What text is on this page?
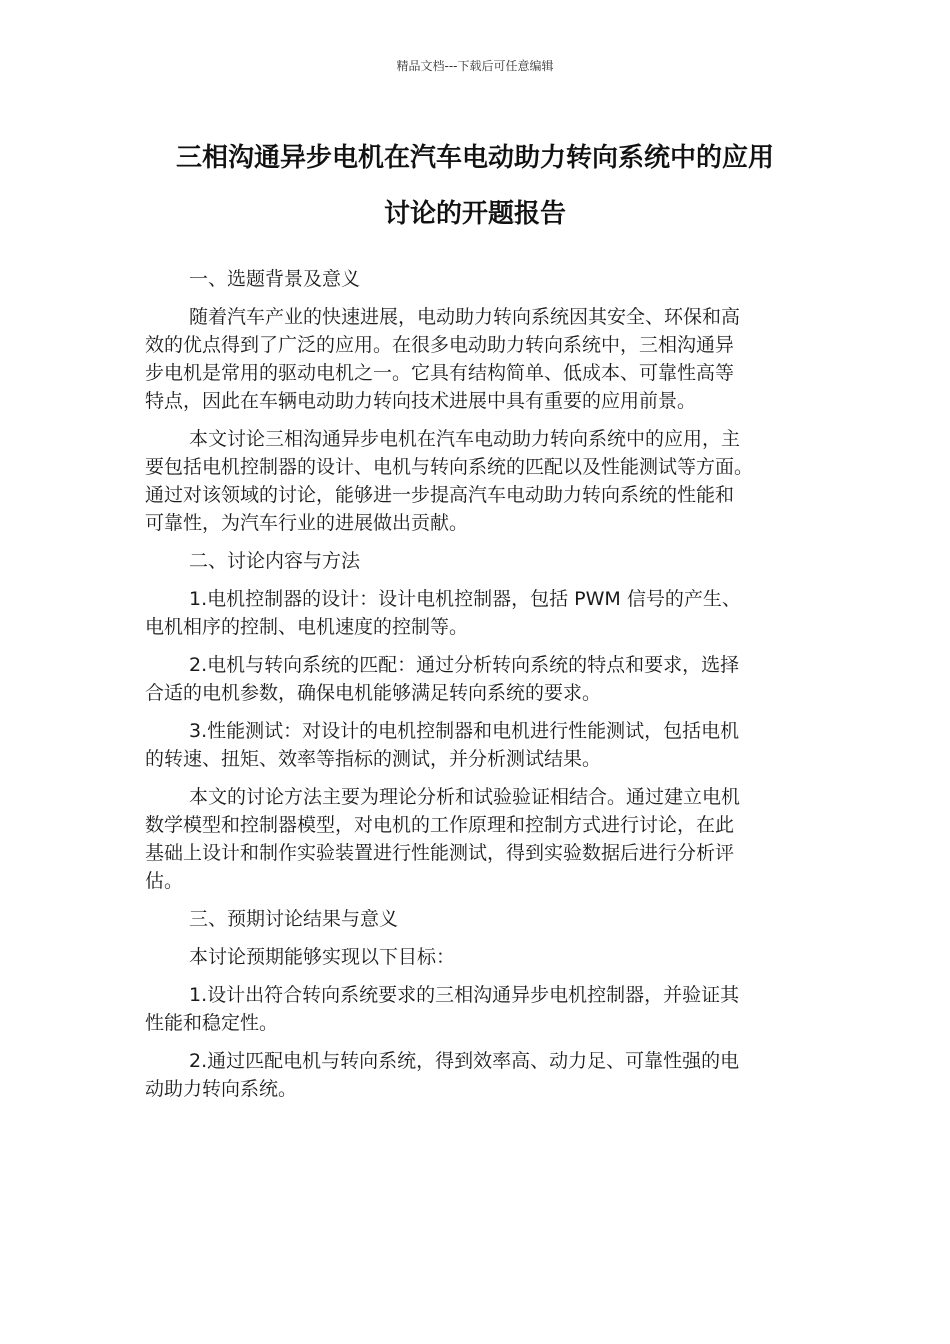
精品文档---下载后可任意编辑
三相沟通异步电机在汽车电动助力转向系统中的应用
讨论的开题报告
一、选题背景及意义
随着汽车产业的快速进展，电动助力转向系统因其安全、环保和高
效的优点得到了广泛的应用。在很多电动助力转向系统中，三相沟通异
步电机是常用的驱动电机之一。它具有结构简单、低成本、可靠性高等
特点，因此在车辆电动助力转向技术进展中具有重要的应用前景。
本文讨论三相沟通异步电机在汽车电动助力转向系统中的应用，主
要包括电机控制器的设计、电机与转向系统的匹配以及性能测试等方面。
通过对该领域的讨论，能够进一步提高汽车电动助力转向系统的性能和
可靠性，为汽车行业的进展做出贡献。
二、讨论内容与方法
1.电机控制器的设计：设计电机控制器，包括 PWM 信号的产生、
电机相序的控制、电机速度的控制等。
2.电机与转向系统的匹配：通过分析转向系统的特点和要求，选择
合适的电机参数，确保电机能够满足转向系统的要求。
3.性能测试：对设计的电机控制器和电机进行性能测试，包括电机
的转速、扭矩、效率等指标的测试，并分析测试结果。
本文的讨论方法主要为理论分析和试验验证相结合。通过建立电机
数学模型和控制器模型，对电机的工作原理和控制方式进行讨论，在此
基础上设计和制作实验装置进行性能测试，得到实验数据后进行分析评
估。
三、预期讨论结果与意义
本讨论预期能够实现以下目标：
1.设计出符合转向系统要求的三相沟通异步电机控制器，并验证其
性能和稳定性。
2.通过匹配电机与转向系统，得到效率高、动力足、可靠性强的电
动助力转向系统。
